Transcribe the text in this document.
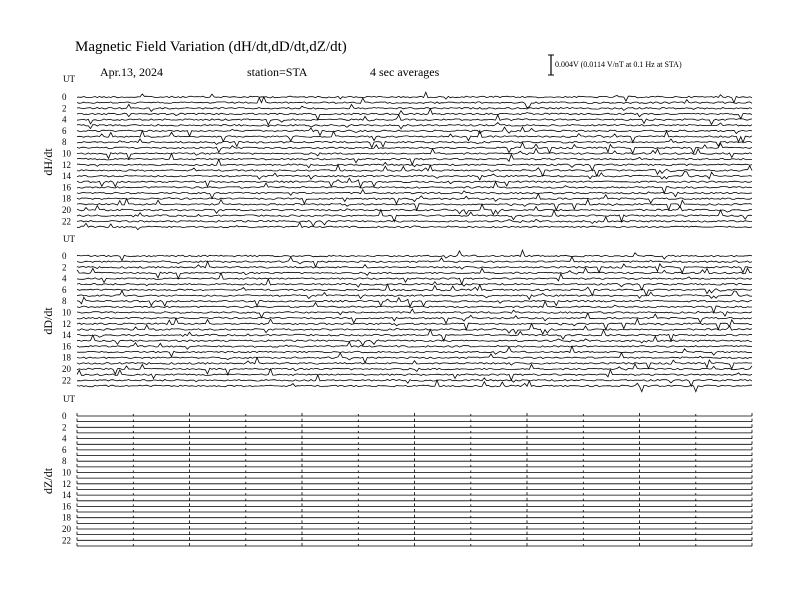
Magnetic Field Variation (dH/dt,dD/dt,dZ/dt)
Apr.13, 2024	station=STA	4 sec averages
0.004V (0.0114 V/nT at 0.1 Hz at STA)
UT
dH/dt
0
2
4
6
8
10
12
14
16
18
20
22
UT
dD/dt
0
2
4
6
8
10
12
14
16
18
20
22
UT
dZ/dt
0
2
4
6
8
10
12
14
16
18
20
22
